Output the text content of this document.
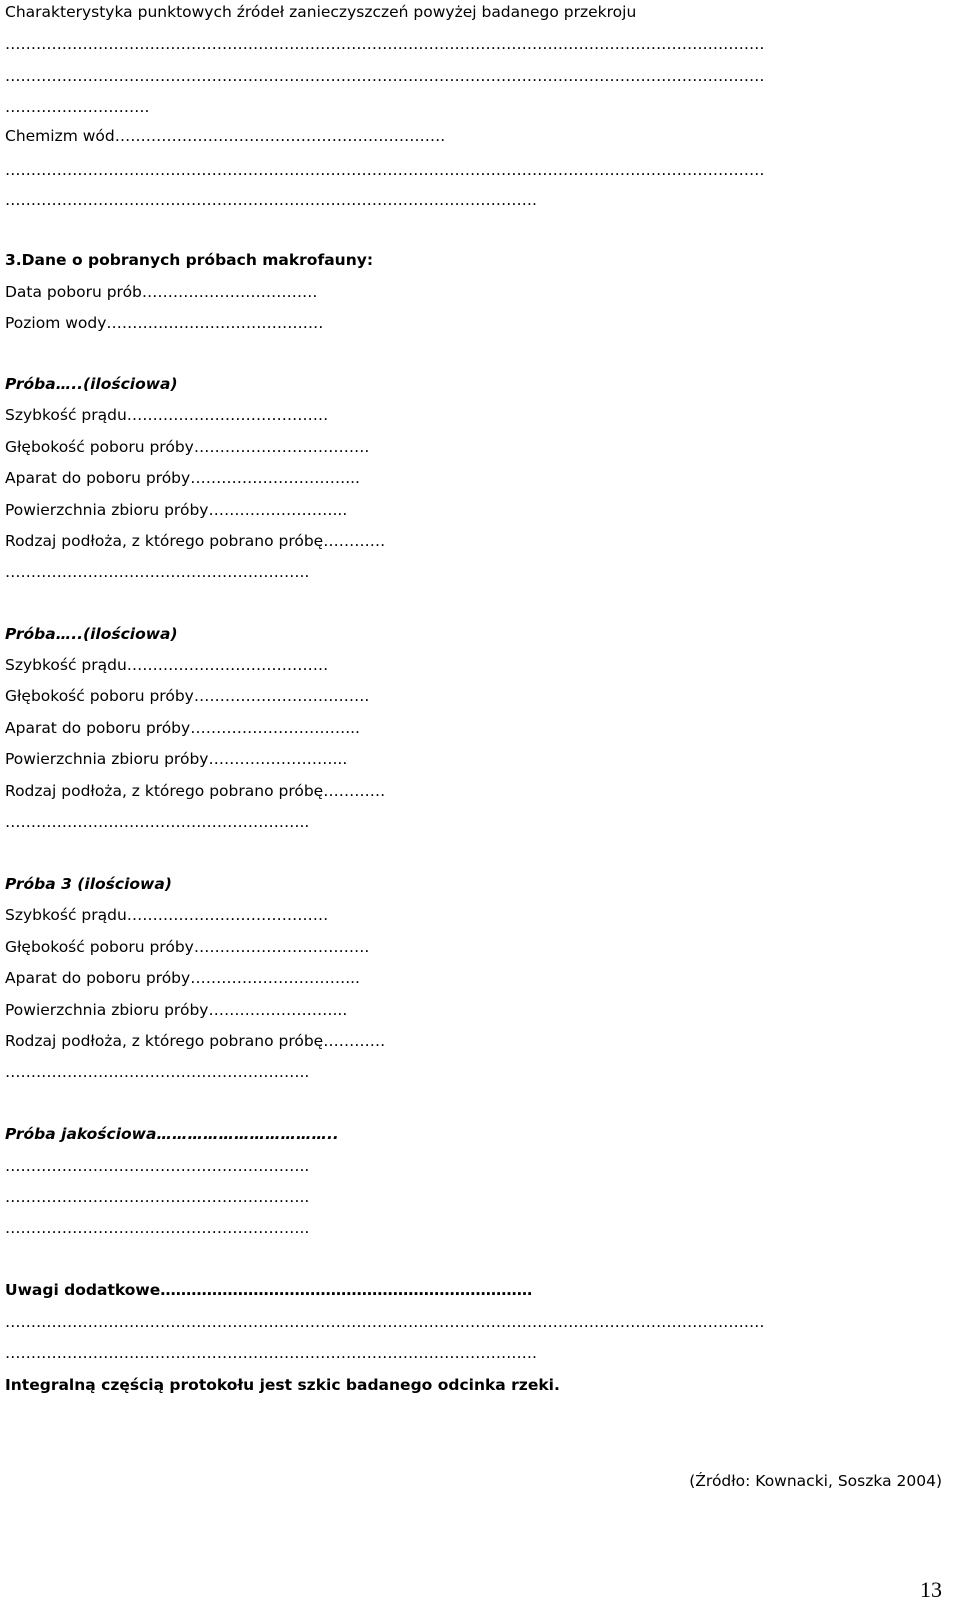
Charakterystyka punktowych źródeł zanieczyszczeń powyżej badanego przekroju
…………………………………………………………………………………………………………………………………
…………………………………………………………………………………………………………………………………
……………………….
Chemizm wód……………………………………………………….
…………………………………………………………………………………………………………………………………
………………………………………………………………………………………….
3.Dane o pobranych próbach makrofauny:
Data poboru prób…………………………….
Poziom wody……………………………………
Próba…..(ilościowa)
Szybkość prądu…………………………………
Głębokość poboru próby…………………………….
Aparat do poboru próby…………………………...
Powierzchnia zbioru próby……………………...
Rodzaj podłoża, z którego pobrano próbę…………
…………………………………………………..
Próba…..(ilościowa)
Szybkość prądu…………………………………
Głębokość poboru próby…………………………….
Aparat do poboru próby…………………………...
Powierzchnia zbioru próby……………………...
Rodzaj podłoża, z którego pobrano próbę…………
…………………………………………………..
Próba 3 (ilościowa)
Szybkość prądu…………………………………
Głębokość poboru próby…………………………….
Aparat do poboru próby…………………………...
Powierzchnia zbioru próby……………………...
Rodzaj podłoża, z którego pobrano próbę…………
…………………………………………………..
Próba jakościowa……………………………..
…………………………………………………..
…………………………………………………..
…………………………………………………..
Uwagi dodatkowe………………………………………………………………
…………………………………………………………………………………………………………………………………
………………………………………………………………………………………….
Integralną częścią protokołu jest szkic badanego odcinka rzeki.
(Źródło: Kownacki, Soszka 2004)
13
